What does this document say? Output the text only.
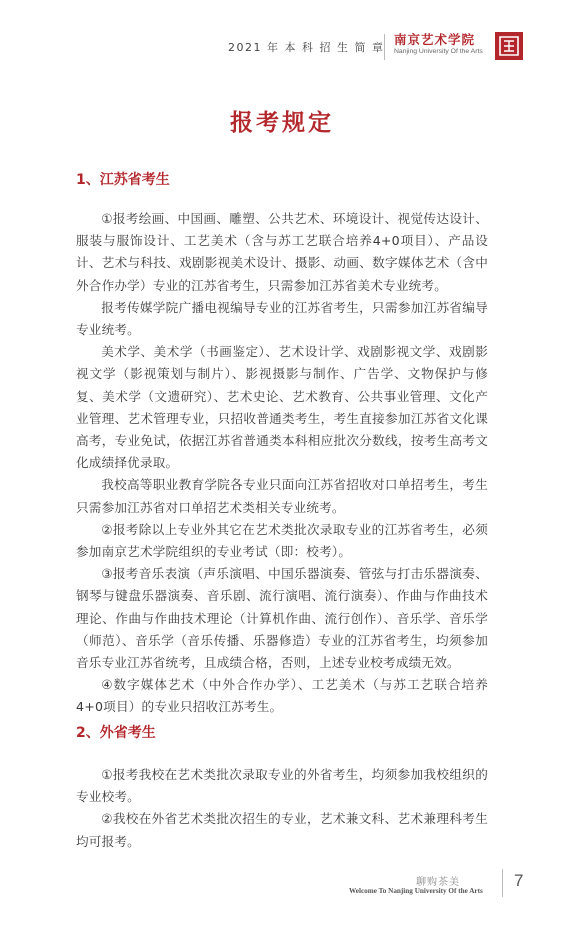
2021 年 本 科 招 生 简 章
南京艺术学院
Nanjing University Of the Arts
报考规定
1、江苏省考生

①报考绘画、中国画、雕塑、公共艺术、环境设计、视觉传达设计、服装与服饰设计、工艺美术（含与苏工艺联合培养4+0项目）、产品设计、艺术与科技、戏剧影视美术设计、摄影、动画、数字媒体艺术（含中外合作办学）专业的江苏省考生，只需参加江苏省美术专业统考。

报考传媒学院广播电视编导专业的江苏省考生，只需参加江苏省编导专业统考。

美术学、美术学（书画鉴定）、艺术设计学、戏剧影视文学、戏剧影视文学（影视策划与制片）、影视摄影与制作、广告学、文物保护与修复、美术学（文遗研究）、艺术史论、艺术教育、公共事业管理、文化产业管理、艺术管理专业，只招收普通类考生，考生直接参加江苏省文化课高考，专业免试，依据江苏省普通类本科相应批次分数线，按考生高考文化成绩择优录取。

我校高等职业教育学院各专业只面向江苏省招收对口单招考生，考生只需参加江苏省对口单招艺术类相关专业统考。

②报考除以上专业外其它在艺术类批次录取专业的江苏省考生，必须参加南京艺术学院组织的专业考试（即：校考）。

③报考音乐表演（声乐演唱、中国乐器演奏、管弦与打击乐器演奏、钢琴与键盘乐器演奏、音乐剧、流行演唱、流行演奏）、作曲与作曲技术理论、作曲与作曲技术理论（计算机作曲、流行创作）、音乐学、音乐学（师范）、音乐学（音乐传播、乐器修造）专业的江苏省考生，均须参加音乐专业江苏省统考，且成绩合格，否则，上述专业校考成绩无效。

④数字媒体艺术（中外合作办学）、工艺美术（与苏工艺联合培养4+0项目）的专业只招收江苏考生。

2、外省考生

①报考我校在艺术类批次录取专业的外省考生，均须参加我校组织的专业校考。

②我校在外省艺术类批次招生的专业，艺术兼文科、艺术兼理科考生均可报考。

聊购茶美
Welcome To Nanjing University Of the Arts
7
